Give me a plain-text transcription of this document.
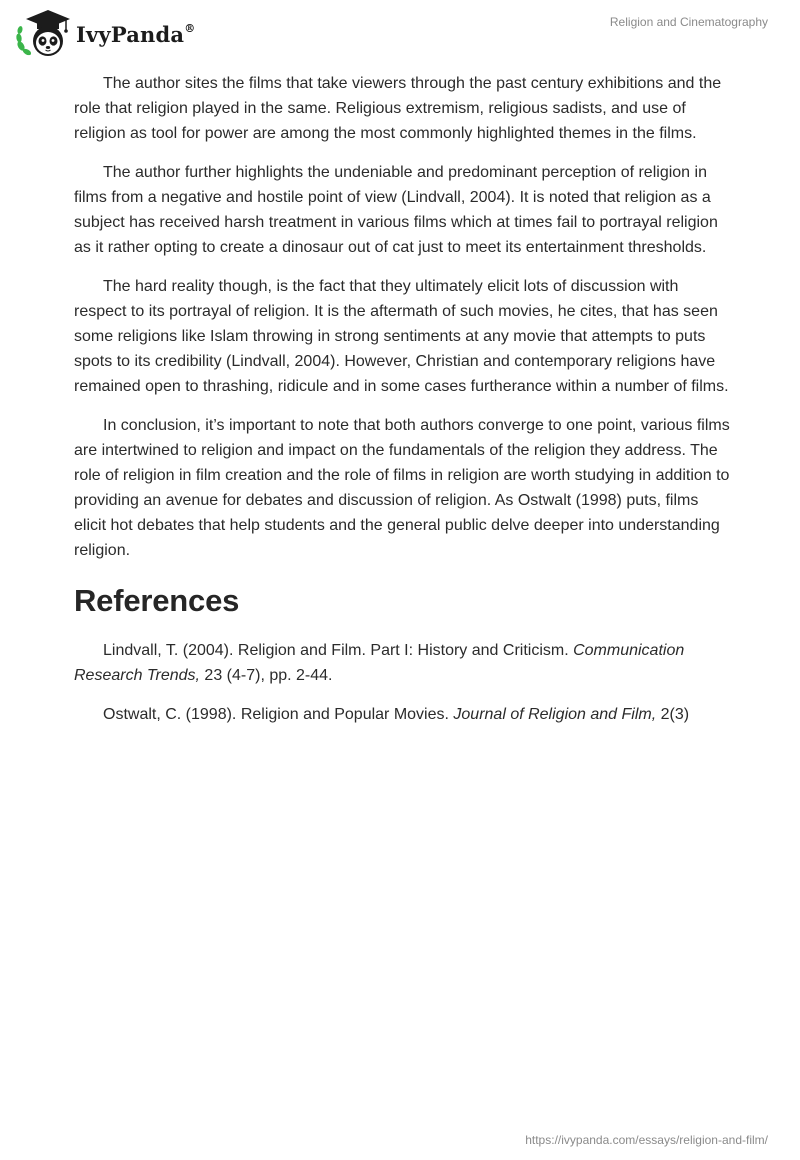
IvyPanda®	Religion and Cinematography

The author sites the films that take viewers through the past century exhibitions and the role that religion played in the same. Religious extremism, religious sadists, and use of religion as tool for power are among the most commonly highlighted themes in the films.

The author further highlights the undeniable and predominant perception of religion in films from a negative and hostile point of view (Lindvall, 2004). It is noted that religion as a subject has received harsh treatment in various films which at times fail to portrayal religion as it rather opting to create a dinosaur out of cat just to meet its entertainment thresholds.

The hard reality though, is the fact that they ultimately elicit lots of discussion with respect to its portrayal of religion. It is the aftermath of such movies, he cites, that has seen some religions like Islam throwing in strong sentiments at any movie that attempts to puts spots to its credibility (Lindvall, 2004). However, Christian and contemporary religions have remained open to thrashing, ridicule and in some cases furtherance within a number of films.

In conclusion, it’s important to note that both authors converge to one point, various films are intertwined to religion and impact on the fundamentals of the religion they address. The role of religion in film creation and the role of films in religion are worth studying in addition to providing an avenue for debates and discussion of religion. As Ostwalt (1998) puts, films elicit hot debates that help students and the general public delve deeper into understanding religion.

References

Lindvall, T. (2004). Religion and Film. Part I: History and Criticism. Communication Research Trends, 23 (4-7), pp. 2-44.

Ostwalt, C. (1998). Religion and Popular Movies. Journal of Religion and Film, 2(3)

https://ivypanda.com/essays/religion-and-film/
